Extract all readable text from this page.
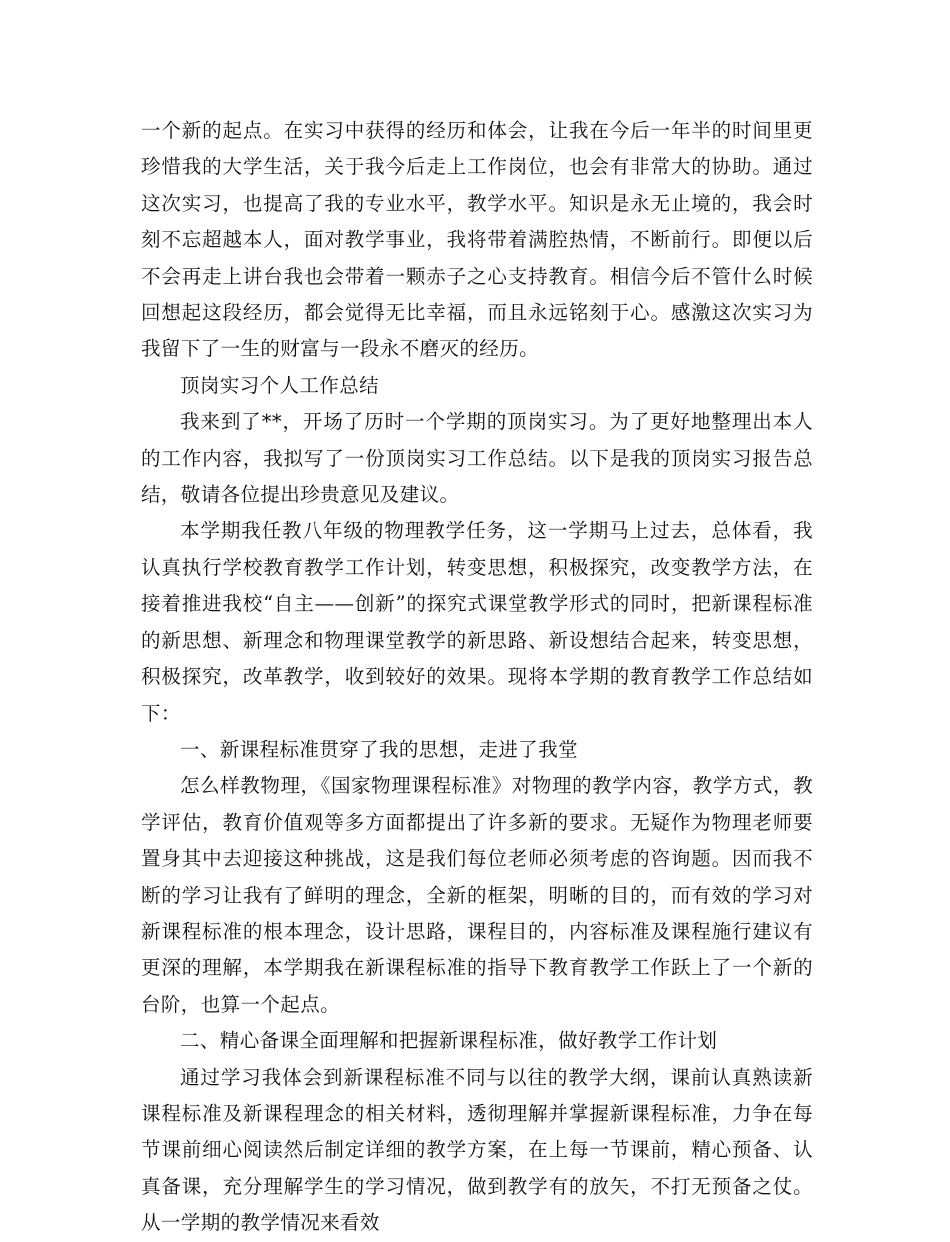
一个新的起点。在实习中获得的经历和体会，让我在今后一年半的时间里更珍惜我的大学生活，关于我今后走上工作岗位，也会有非常大的协助。通过这次实习，也提高了我的专业水平，教学水平。知识是永无止境的，我会时刻不忘超越本人，面对教学事业，我将带着满腔热情，不断前行。即便以后不会再走上讲台我也会带着一颗赤子之心支持教育。相信今后不管什么时候回想起这段经历，都会觉得无比幸福，而且永远铭刻于心。感激这次实习为我留下了一生的财富与一段永不磨灭的经历。

顶岗实习个人工作总结

我来到了**，开场了历时一个学期的顶岗实习。为了更好地整理出本人的工作内容，我拟写了一份顶岗实习工作总结。以下是我的顶岗实习报告总结，敬请各位提出珍贵意见及建议。

本学期我任教八年级的物理教学任务，这一学期马上过去，总体看，我认真执行学校教育教学工作计划，转变思想，积极探究，改变教学方法，在接着推进我校“自主——创新”的探究式课堂教学形式的同时，把新课程标准的新思想、新理念和物理课堂教学的新思路、新设想结合起来，转变思想，积极探究，改革教学，收到较好的效果。现将本学期的教育教学工作总结如下：

一、新课程标准贯穿了我的思想，走进了我堂

怎么样教物理，《国家物理课程标准》对物理的教学内容，教学方式，教学评估，教育价值观等多方面都提出了许多新的要求。无疑作为物理老师要置身其中去迎接这种挑战，这是我们每位老师必须考虑的咨询题。因而我不断的学习让我有了鲜明的理念，全新的框架，明晰的目的，而有效的学习对新课程标准的根本理念，设计思路，课程目的，内容标准及课程施行建议有更深的理解，本学期我在新课程标准的指导下教育教学工作跃上了一个新的台阶，也算一个起点。

二、精心备课全面理解和把握新课程标准，做好教学工作计划

通过学习我体会到新课程标准不同与以往的教学大纲，课前认真熟读新课程标准及新课程理念的相关材料，透彻理解并掌握新课程标准，力争在每节课前细心阅读然后制定详细的教学方案，在上每一节课前，精心预备、认真备课，充分理解学生的学习情况，做到教学有的放矢，不打无预备之仗。从一学期的教学情况来看效
